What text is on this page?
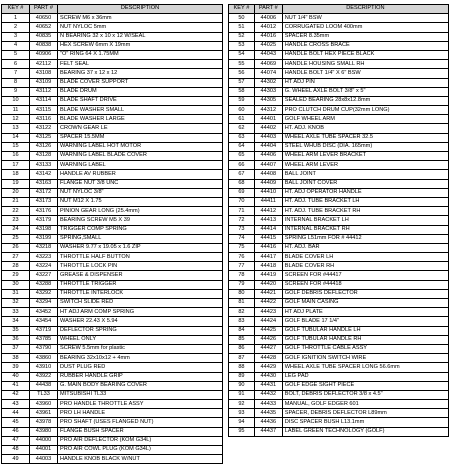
KEY #	PART #	DESCRIPTION
1	40650	SCREW M6 x 36mm
2	40652	NUT NYLOC 5mm
3	40835	N BEARING 32 x 10 x 12 W/SEAL
4	40838	HEX SCREW 6mm X 19mm
5	40906	"O" RING 64 X 1.75MM
6	42112	FELT SEAL
7	43108	BEARING 37 x 12 x 12
8	43109	BLADE COVER SUPPORT
9	43112	BLADE DRUM
10	43114	BLADE SHAFT DRIVE
11	43115	BLADE WASHER SMALL
12	43116	BLADE WASHER LARGE
13	43122	CROWN GEAR LE
14	43125	SPACER 15.5MM
15	43126	WARNING LABEL HOT MOTOR
16	43128	WARNING LABEL BLADE COVER
17	43133	WARNING LABEL
18	43142	HANDLE AV RUBBER
19	43163	FLANGE NUT 3/8 UNC
20	43172	NUT NYLOC 3/8"
21	43173	NUT M12 X 1.75
22	43176	PINION GEAR LONG (25.4mm)
23	43179	BEARING SCREW M5 X 39
24	43198	TRIGGER COMP SPRING
25	43199	SPRING,SMALL
26	43218	WASHER 9.77 x 19.05 x 1.6 ZIP
27	43223	THROTTLE HALF BUTTON
28	43224	THROTTLE LOCK PIN
29	43227	GREASE & DISPENSER
30	43288	THROTTLE TRIGGER
31	43292	THROTTLE INTERLOCK
32	43294	SWITCH SLIDE RED
33	43452	HT ADJ ARM COMP SPRING
34	43454	WASHER 22.43 X 5.94
35	43719	DEFLECTOR SPRING
36	43785	WHEEL ONLY
37	43790	SCREW 5.5mm for plastic
38	43860	BEARING 32x10x12 + 4mm
39	43910	DUST PLUG RED
40	43922	RUBBER HANDLE GRIP
41	44438	G. MAIN BODY BEARING COVER
42	TL33	MITSUBISHI TL33
43	43960	PRO HANDLE THROTTLE ASSY
44	43961	PRO LH HANDLE
45	43978	PRO SHAFT (USES FLANGED NUT)
46	43980	FLANGE BUSH SPACER
47	44000	PRO AIR DEFLECTOR (KOM G34L)
48	44001	PRO AIR COWL PLUG (KOM G34L)
49	44003	HANDLE KNOB BLACK W/NUT
KEY #	PART #	DESCRIPTION
50	44006	NUT 1/4" BSW
51	44012	CORRUGATED LOOM 400mm
52	44016	SPACER 8.35mm
53	44025	HANDLE CROSS BRACE
54	44043	HANDLE BOLT HEX PIECE BLACK
55	44069	HANDLE HOUSING SMALL RH
56	44074	HANDLE BOLT 1/4" X 6" BSW
57	44302	HT ADJ PIN
58	44303	G. WHEEL AXLE BOLT 3/8" x 5"
59	44305	SEALED BEARING 28x8x12.8mm
60	44312	PRO CLUTCH DRUM CUP(32mm LONG)
61	44401	GOLF WHEEL ARM
62	44402	HT. ADJ. KNOB
63	44403	WHEEL AXLE TUBE SPACER 32.5
64	44404	STEEL WHUB DISC (DIA. 165mm)
65	44406	WHEEL ARM LEVER BRACKET
66	44407	WHEEL ARM LEVER
67	44408	BALL JOINT
68	44409	BALL JOINT COVER
69	44410	HT. ADJ OPERATOR HANDLE
70	44411	HT. ADJ. TUBE BRACKET LH
71	44412	HT. ADJ. TUBE BRACKET RH
72	44413	INTERNAL BRACKET LH
73	44414	INTERNAL BRACKET RH
74	44415	SPRING L51mm FOR # 44412
75	44416	HT. ADJ. BAR
76	44417	BLADE COVER LH
77	44418	BLADE COVER RH
78	44419	SCREEN FOR #44417
79	44420	SCREEN FOR #44418
80	44421	GOLF DEBRIS DEFLECTOR
81	44422	GOLF MAIN CASING
82	44423	HT ADJ PLATE
83	44424	GOLF BLADE 17 1/4"
84	44425	GOLF TUBULAR HANDLE LH
85	44426	GOLF TUBULAR HANDLE RH
86	44427	GOLF THROTTLE CABLE ASSY
87	44428	GOLF IGNITION SWITCH WIRE
88	44429	WHEEL AXLE TUBE SPACER LONG 56.6mm
89	44430	LEG PAD
90	44431	GOLF EDGE SIGHT PIECE
91	44432	BOLT, DEBRIS DEFLECTOR 3/8 x 4.5"
92	44433	MANUAL, GOLF EDGER 601
93	44435	SPACER, DEBRIS DEFLECTOR L89mm
94	44436	DISC SPACER BUSH L13.1mm
95	44437	LABEL GREEN TECHNOLOGY (GOLF)
